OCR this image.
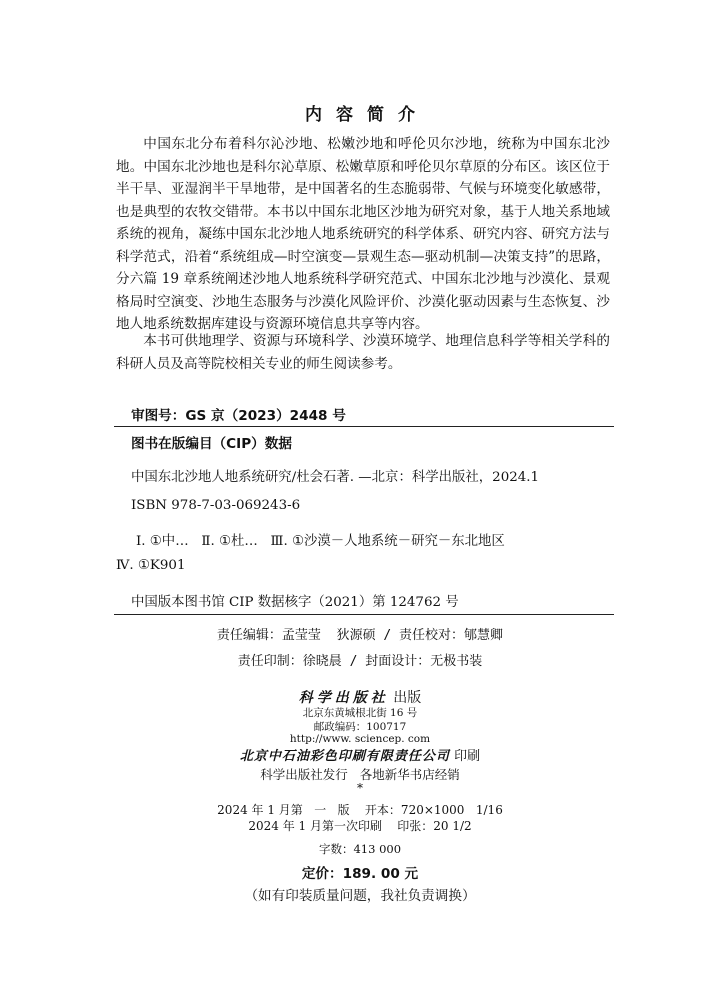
内容简介

中国东北分布着科尔沁沙地、松嫩沙地和呼伦贝尔沙地，统称为中国东北沙地。中国东北沙地也是科尔沁草原、松嫩草原和呼伦贝尔草原的分布区。该区位于半干旱、亚湿润半干旱地带，是中国著名的生态脆弱带、气候与环境变化敏感带，也是典型的农牧交错带。本书以中国东北地区沙地为研究对象，基于人地关系地域系统的视角，凝练中国东北沙地人地系统研究的科学体系、研究内容、研究方法与科学范式，沿着“系统组成—时空演变—景观生态—驱动机制—决策支持”的思路，分六篇 19 章系统阐述沙地人地系统科学研究范式、中国东北沙地与沙漠化、景观格局时空演变、沙地生态服务与沙漠化风险评价、沙漠化驱动因素与生态恢复、沙地人地系统数据库建设与资源环境信息共享等内容。

本书可供地理学、资源与环境科学、沙漠环境学、地理信息科学等相关学科的科研人员及高等院校相关专业的师生阅读参考。

审图号：GS 京（2023）2448 号
图书在版编目（CIP）数据
中国东北沙地人地系统研究/杜会石著. —北京：科学出版社，2024.1
ISBN 978-7-03-069243-6
Ⅰ. ①中…   Ⅱ. ①杜…   Ⅲ. ①沙漠－人地系统－研究－东北地区
Ⅳ. ①K901
中国版本图书馆 CIP 数据核字（2021）第 124762 号
责任编辑：孟莹莹  狄源硕 / 责任校对：郇慧卿
责任印制：徐晓晨 / 封面设计：无极书装
科学出版社 出版
北京东黄城根北街 16 号
邮政编码：100717
http://www. sciencep. com
北京中石油彩色印刷有限责任公司 印刷
科学出版社发行   各地新华书店经销
*
2024 年 1 月第   一   版    开本：720×1000   1/16
2024 年 1 月第一次印刷    印张：20 1/2
字数：413 000
定价：189. 00 元
（如有印装质量问题，我社负责调换）
